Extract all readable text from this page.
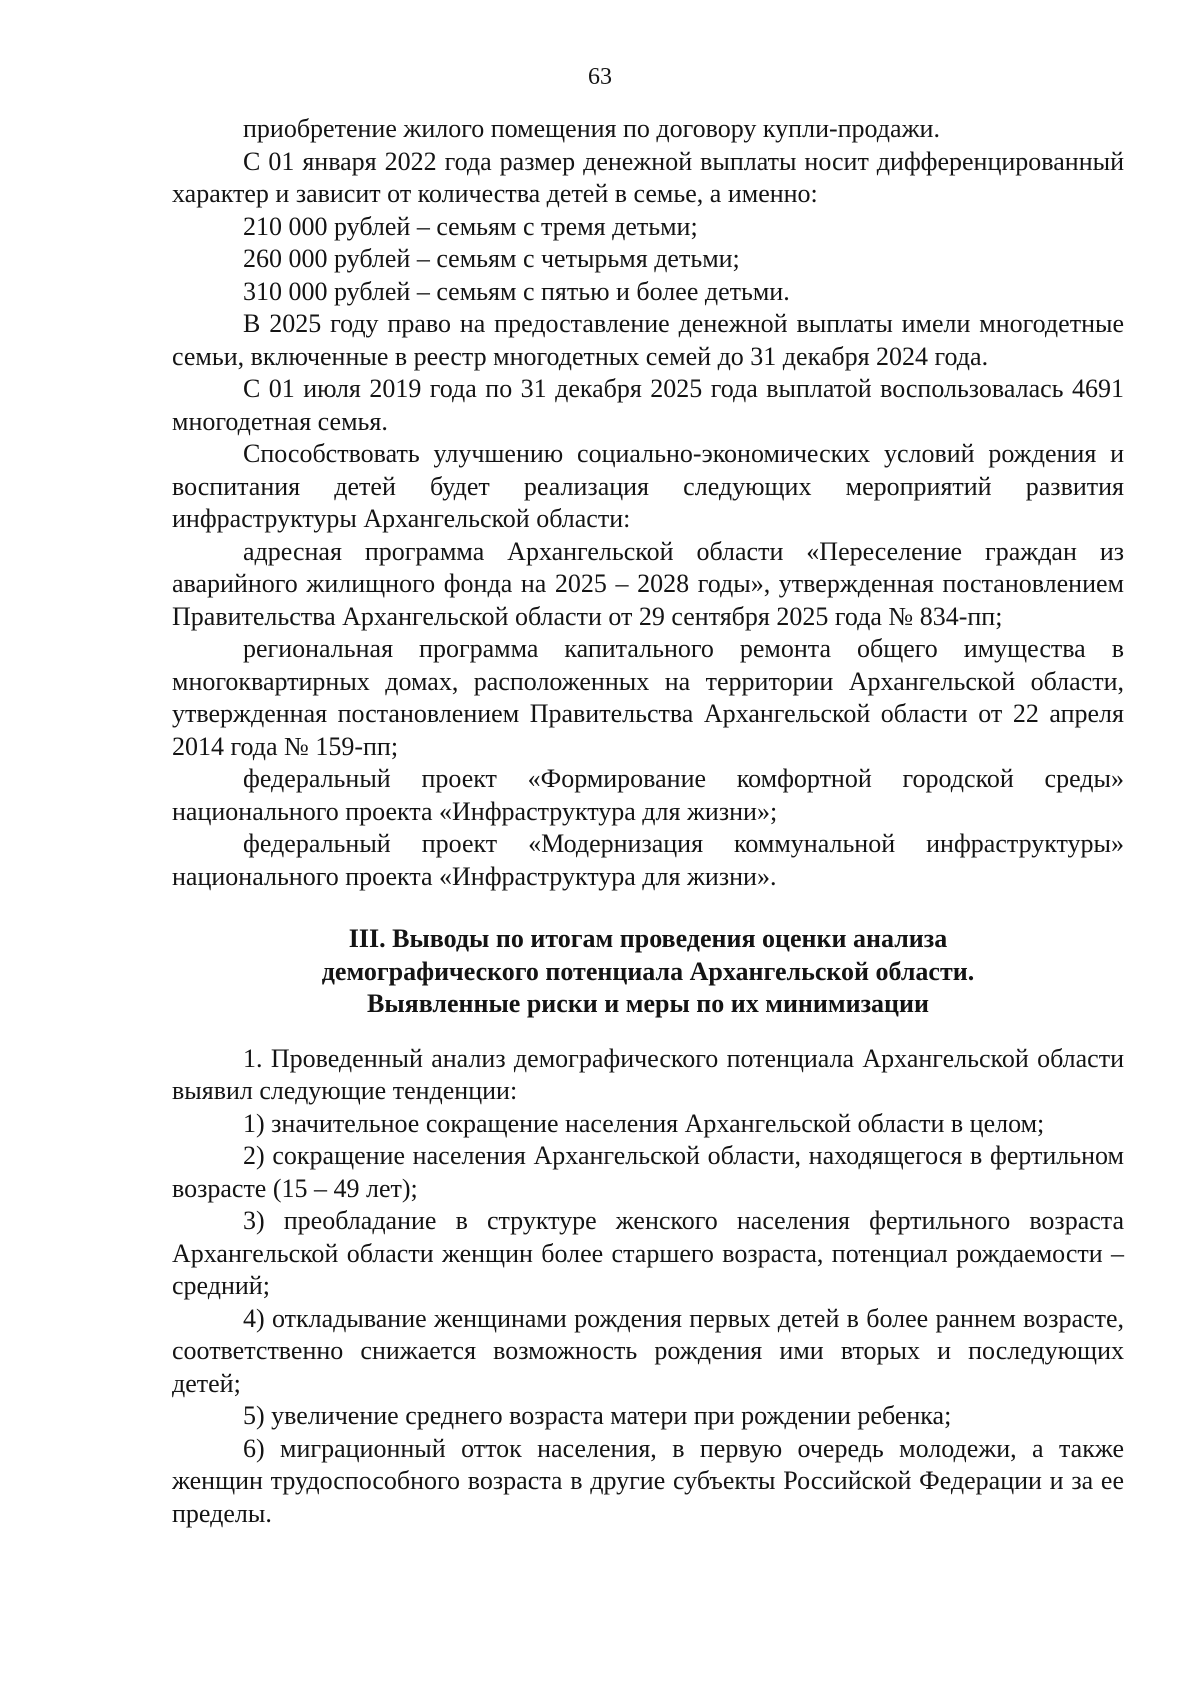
63

приобретение жилого помещения по договору купли-продажи.

С 01 января 2022 года размер денежной выплаты носит дифференцированный характер и зависит от количества детей в семье, а именно:

210 000 рублей – семьям с тремя детьми;

260 000 рублей – семьям с четырьмя детьми;

310 000 рублей – семьям с пятью и более детьми.

В 2025 году право на предоставление денежной выплаты имели многодетные семьи, включенные в реестр многодетных семей до 31 декабря 2024 года.

С 01 июля 2019 года по 31 декабря 2025 года выплатой воспользовалась 4691 многодетная семья.

Способствовать улучшению социально-экономических условий рождения и воспитания детей будет реализация следующих мероприятий развития инфраструктуры Архангельской области:

адресная программа Архангельской области «Переселение граждан из аварийного жилищного фонда на 2025 – 2028 годы», утвержденная постановлением Правительства Архангельской области от 29 сентября 2025 года № 834-пп;

региональная программа капитального ремонта общего имущества в многоквартирных домах, расположенных на территории Архангельской области, утвержденная постановлением Правительства Архангельской области от 22 апреля 2014 года № 159-пп;

федеральный проект «Формирование комфортной городской среды» национального проекта «Инфраструктура для жизни»;

федеральный проект «Модернизация коммунальной инфраструктуры» национального проекта «Инфраструктура для жизни».

III. Выводы по итогам проведения оценки анализа
демографического потенциала Архангельской области.
Выявленные риски и меры по их минимизации

1. Проведенный анализ демографического потенциала Архангельской области выявил следующие тенденции:

1) значительное сокращение населения Архангельской области в целом;

2) сокращение населения Архангельской области, находящегося в фертильном возрасте (15 – 49 лет);

3) преобладание в структуре женского населения фертильного возраста Архангельской области женщин более старшего возраста, потенциал рождаемости – средний;

4) откладывание женщинами рождения первых детей в более раннем возрасте, соответственно снижается возможность рождения ими вторых и последующих детей;

5) увеличение среднего возраста матери при рождении ребенка;

6) миграционный отток населения, в первую очередь молодежи, а также женщин трудоспособного возраста в другие субъекты Российской Федерации и за ее пределы.
